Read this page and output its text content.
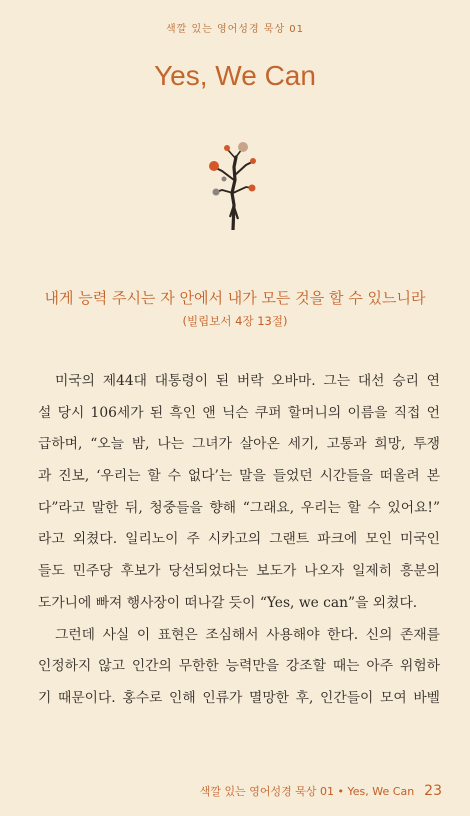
색깔 있는 영어성경 묵상 01
Yes, We Can
내게 능력 주시는 자 안에서 내가 모든 것을 할 수 있느니라
(빌립보서 4장 13절)
미국의 제44대 대통령이 된 버락 오바마. 그는 대선 승리 연
설 당시 106세가 된 흑인 앤 닉슨 쿠퍼 할머니의 이름을 직접 언
급하며, “오늘 밤, 나는 그녀가 살아온 세기, 고통과 희망, 투쟁
과 진보, ‘우리는 할 수 없다’는 말을 들었던 시간들을 떠올려 본
다”라고 말한 뒤, 청중들을 향해 “그래요, 우리는 할 수 있어요!”
라고 외쳤다. 일리노이 주 시카고의 그랜트 파크에 모인 미국인
들도 민주당 후보가 당선되었다는 보도가 나오자 일제히 흥분의
도가니에 빠져 행사장이 떠나갈 듯이 “Yes, we can”을 외쳤다.
그런데 사실 이 표현은 조심해서 사용해야 한다. 신의 존재를
인정하지 않고 인간의 무한한 능력만을 강조할 때는 아주 위험하
기 때문이다. 홍수로 인해 인류가 멸망한 후, 인간들이 모여 바벨
색깔 있는 영어성경 묵상 01 • Yes, We Can 23
